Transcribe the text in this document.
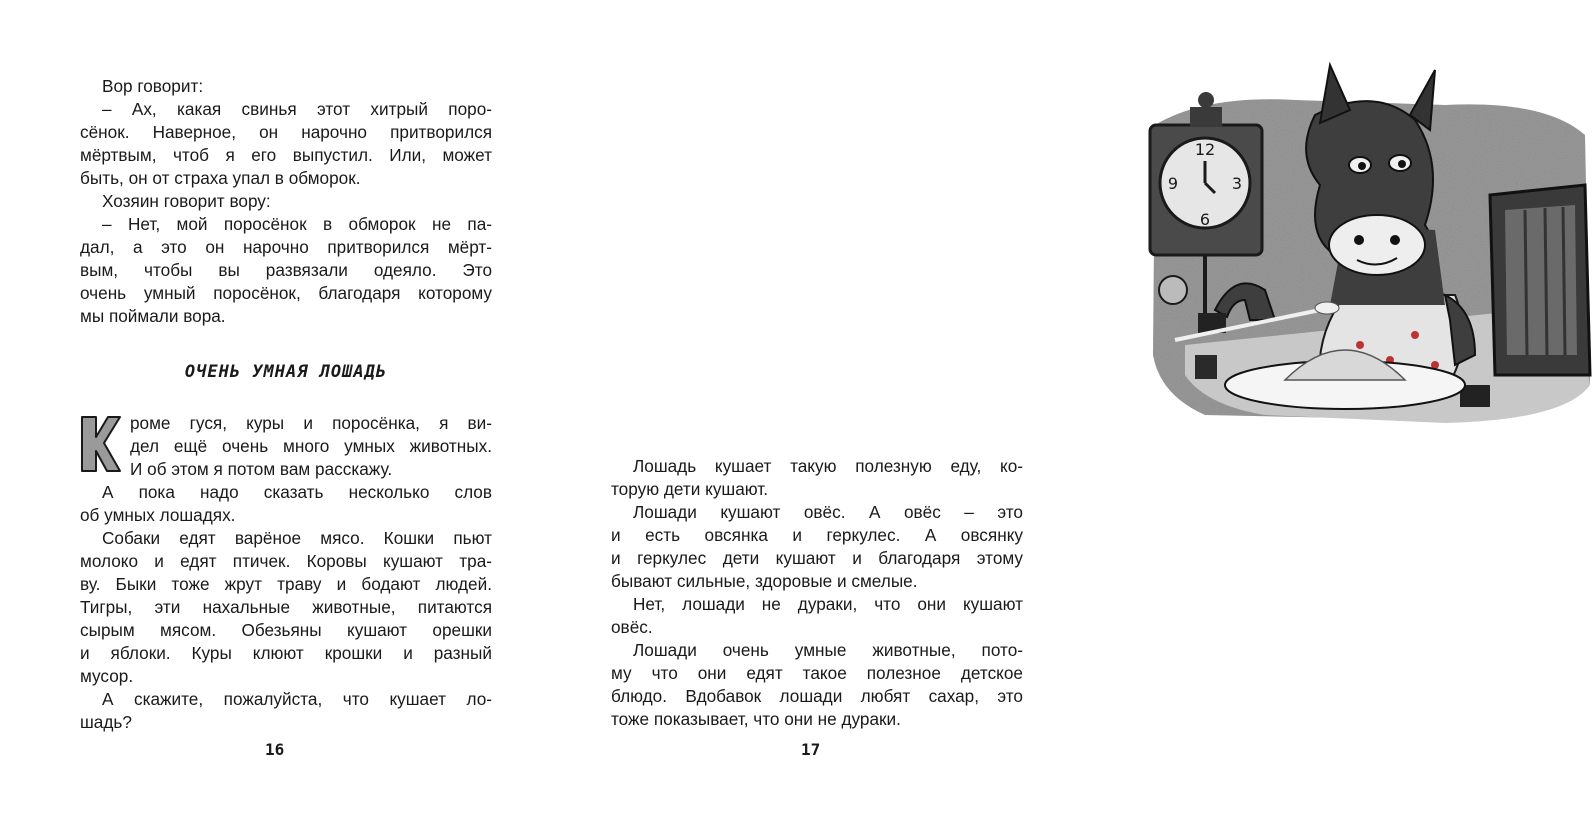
Вор говорит:

– Ах, какая свинья этот хитрый поро-

сёнок. Наверное, он нарочно притворился

мёртвым, чтоб я его выпустил. Или, может

быть, он от страха упал в обморок.

Хозяин говорит вору:

– Нет, мой поросёнок в обморок не па-

дал, а это он нарочно притворился мёрт-

вым, чтобы вы развязали одеяло. Это

очень умный поросёнок, благодаря которому

мы поймали вора.

ОЧЕНЬ УМНАЯ ЛОШАДЬ

роме гуся, куры и поросёнка, я ви-

дел ещё очень много умных животных.

И об этом я потом вам расскажу.

А пока надо сказать несколько слов

об умных лошадях.

Собаки едят варёное мясо. Кошки пьют

молоко и едят птичек. Коровы кушают тра-

ву. Быки тоже жрут траву и бодают людей.

Тигры, эти нахальные животные, питаются

сырым мясом. Обезьяны кушают орешки

и яблоки. Куры клюют крошки и разный

мусор.

А скажите, пожалуйста, что кушает ло-

шадь?

16
12
9	3
6

Лошадь кушает такую полезную еду, ко-

торую дети кушают.

Лошади кушают овёс. А овёс – это

и есть овсянка и геркулес. А овсянку

и геркулес дети кушают и благодаря этому

бывают сильные, здоровые и смелые.

Нет, лошади не дураки, что они кушают

овёс.

Лошади очень умные животные, пото-

му что они едят такое полезное детское

блюдо. Вдобавок лошади любят сахар, это

тоже показывает, что они не дураки.

17
